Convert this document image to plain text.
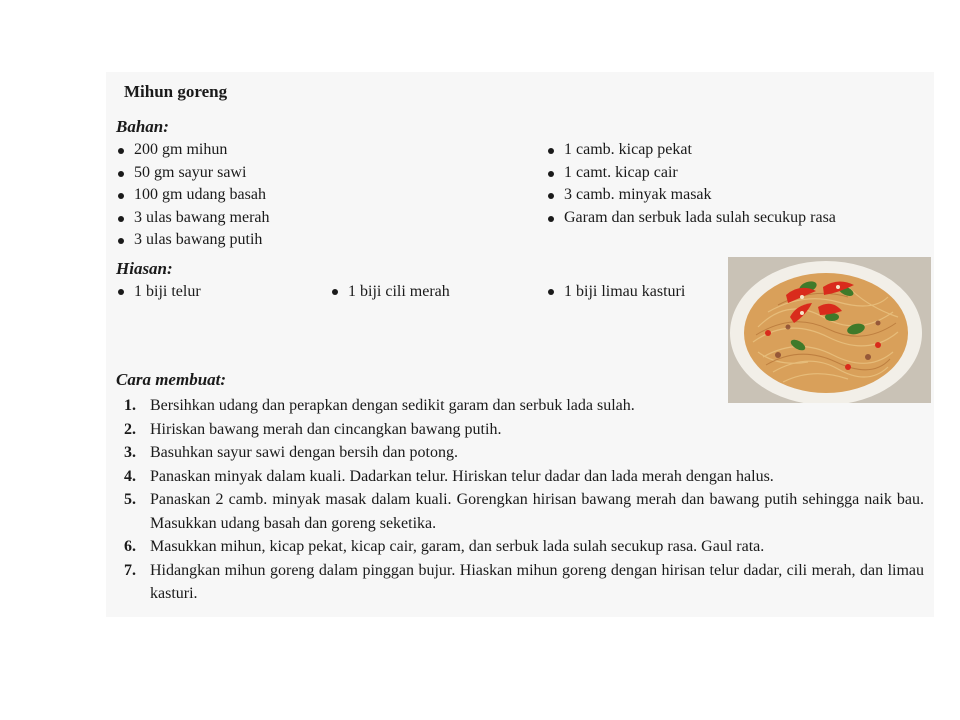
Mihun goreng
Bahan:
200 gm mihun
50 gm sayur sawi
100 gm udang basah
3 ulas bawang merah
3 ulas bawang putih
1 camb. kicap pekat
1 camt. kicap cair
3 camb. minyak masak
Garam dan serbuk lada sulah secukup rasa
Hiasan:
1 biji telur	1 biji cili merah	1 biji limau kasturi
Cara membuat:
1. Bersihkan udang dan perapkan dengan sedikit garam dan serbuk lada sulah.
2. Hiriskan bawang merah dan cincangkan bawang putih.
3. Basuhkan sayur sawi dengan bersih dan potong.
4. Panaskan minyak dalam kuali. Dadarkan telur. Hiriskan telur dadar dan lada merah dengan halus.
5. Panaskan 2 camb. minyak masak dalam kuali. Gorengkan hirisan bawang merah dan bawang putih sehingga naik bau. Masukkan udang basah dan goreng seketika.
6. Masukkan mihun, kicap pekat, kicap cair, garam, dan serbuk lada sulah secukup rasa. Gaul rata.
7. Hidangkan mihun goreng dalam pinggan bujur. Hiaskan mihun goreng dengan hirisan telur dadar, cili merah, dan limau kasturi.
